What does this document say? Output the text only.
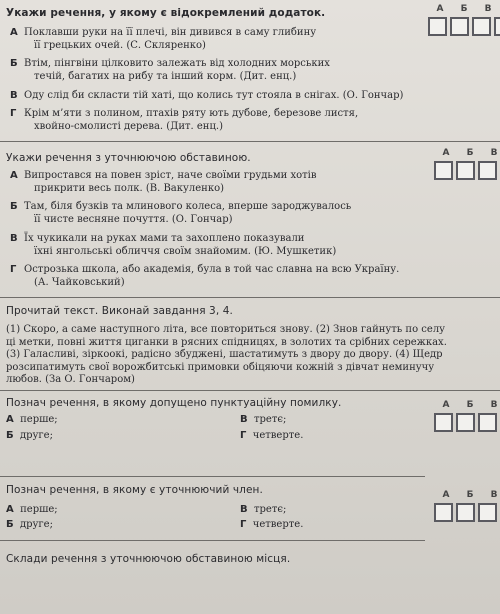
Укажи речення, у якому є відокремлений додаток.	А Б В
А Поклавши руки на її плечі, він дивився в саму глибину
її грецьких очей. (С. Скляренко)
Б Втім, пінгвіни цілковито залежать від холодних морських
течій, багатих на рибу та інший корм. (Дит. енц.)
В Оду слід би скласти тій хаті, що колись тут стояла в снігах. (О. Гончар)
Г Крім м’яти з полином, птахів ряту ють дубове, березове листя,
хвойно-смолисті дерева. (Дит. енц.)
Укажи речення з уточнюючою обставиною.	А Б В
А Випростався на повен зріст, наче своїми грудьми хотів
прикрити весь полк. (В. Вакуленко)
Б Там, біля бузків та млинового колеса, вперше зароджувалось
її чисте весняне почуття. (О. Гончар)
В Їх чукикали на руках мами та захоплено показували
їхні янгольські обличчя своїм знайомим. (Ю. Мушкетик)
Г Острозька школа, або академія, була в той час славна на всю Україну.
(А. Чайковський)
Прочитай текст. Виконай завдання 3, 4.
(1) Скоро, а саме наступного літа, все повториться знову. (2) Знов гайнуть по селу
ці метки, повні життя циганки в рясних спідницях, в золотих та срібних сережках.
(3) Галасливі, зіркоокі, радісно збуджені, шастатимуть з двору до двору. (4) Щедр
розсипатимуть свої ворожбитські примовки обіцяючи кожній з дівчат неминучу
любов. (За О. Гончаром)
Познач речення, в якому допущено пунктуаційну помилку.	А Б В
А перше;
Б друге;
В третє;
Г четверте.
Познач речення, в якому є уточнюючий член.	А Б В
А перше;
Б друге;
В третє;
Г четверте.
Склади речення з уточнюючою обставиною місця.
